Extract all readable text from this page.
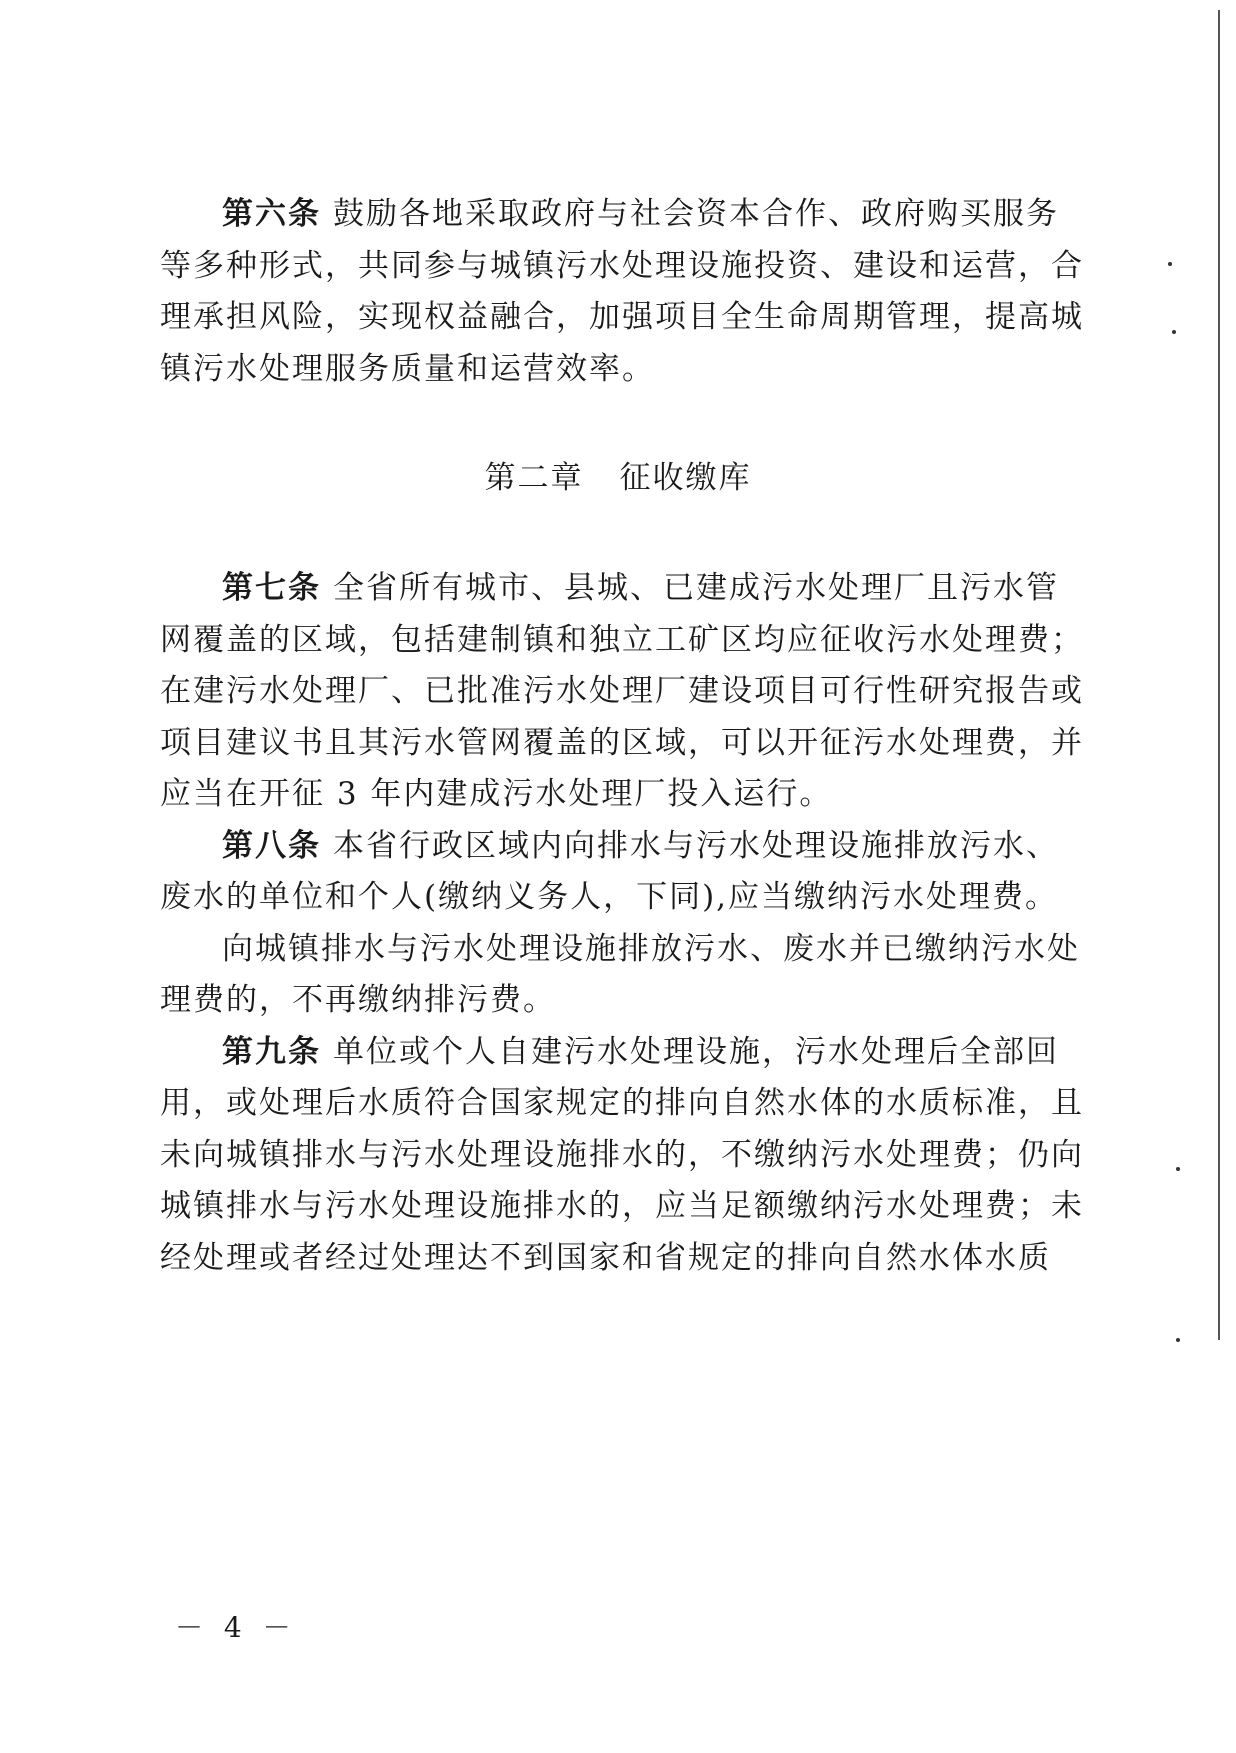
第六条 鼓励各地采取政府与社会资本合作、政府购买服务
等多种形式，共同参与城镇污水处理设施投资、建设和运营，合
理承担风险，实现权益融合，加强项目全生命周期管理，提高城
镇污水处理服务质量和运营效率。
第二章 征收缴库
第七条 全省所有城市、县城、已建成污水处理厂且污水管
网覆盖的区域，包括建制镇和独立工矿区均应征收污水处理费；
在建污水处理厂、已批准污水处理厂建设项目可行性研究报告或
项目建议书且其污水管网覆盖的区域，可以开征污水处理费，并
应当在开征 3 年内建成污水处理厂投入运行。
第八条 本省行政区域内向排水与污水处理设施排放污水、
废水的单位和个人(缴纳义务人，下同),应当缴纳污水处理费。
向城镇排水与污水处理设施排放污水、废水并已缴纳污水处
理费的，不再缴纳排污费。
第九条 单位或个人自建污水处理设施，污水处理后全部回
用，或处理后水质符合国家规定的排向自然水体的水质标准，且
未向城镇排水与污水处理设施排水的，不缴纳污水处理费；仍向
城镇排水与污水处理设施排水的，应当足额缴纳污水处理费；未
经处理或者经过处理达不到国家和省规定的排向自然水体水质
－ 4 －
